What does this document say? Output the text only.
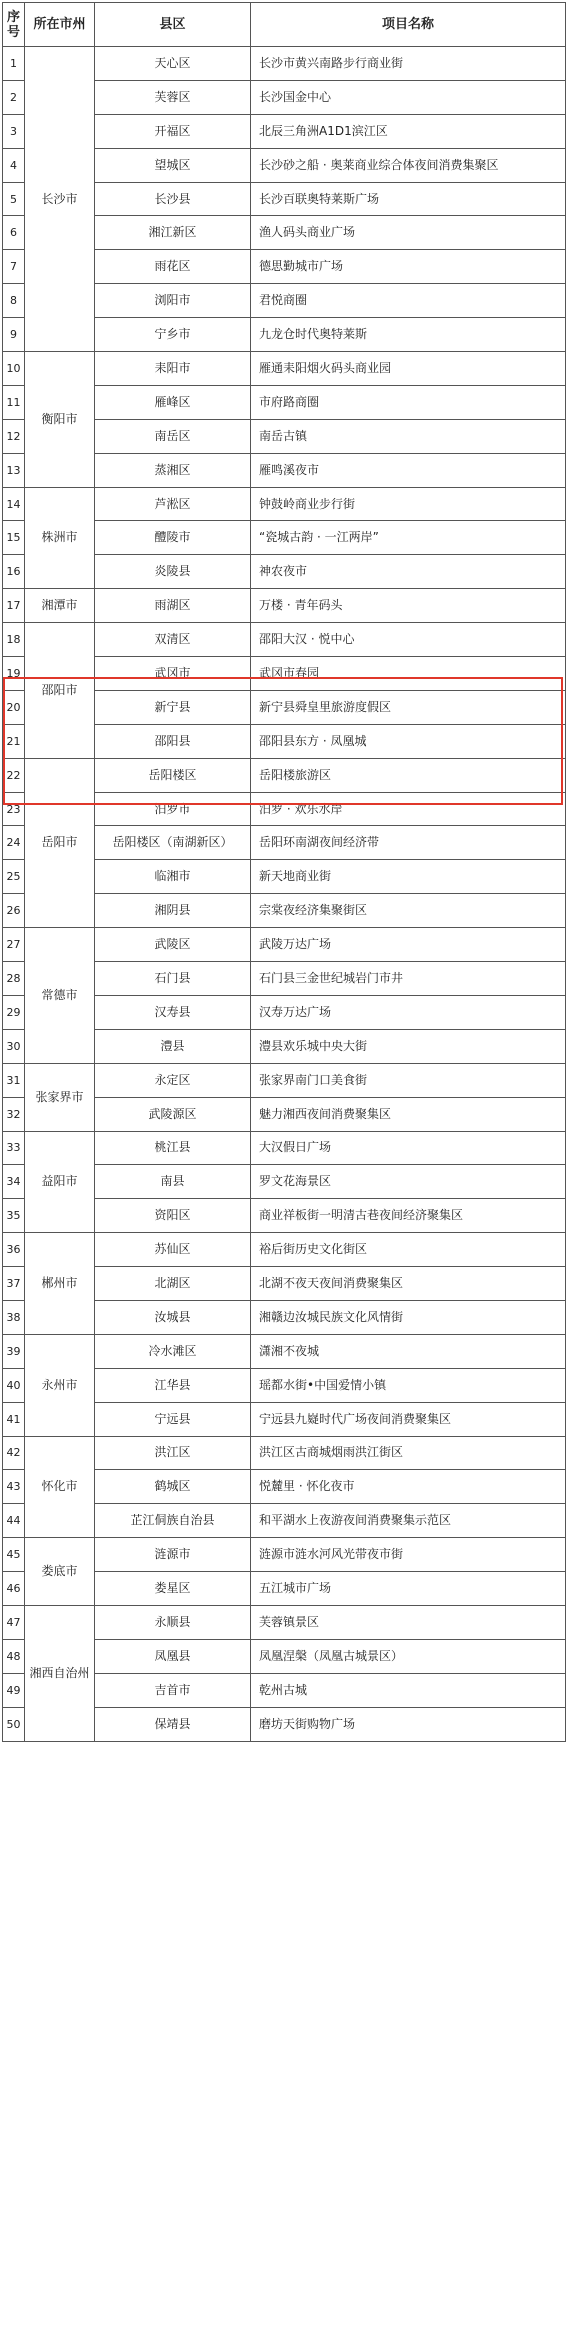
序号	所在市州	县区	项目名称
1	长沙市	天心区	长沙市黄兴南路步行商业街
2		芙蓉区	长沙国金中心
3		开福区	北辰三角洲A1D1滨江区
4		望城区	长沙砂之船 · 奥莱商业综合体夜间消费集聚区
5		长沙县	长沙百联奥特莱斯广场
6		湘江新区	渔人码头商业广场
7		雨花区	德思勤城市广场
8		浏阳市	君悦商圈
9		宁乡市	九龙仓时代奥特莱斯
10	衡阳市	耒阳市	雁通耒阳烟火码头商业园
11		雁峰区	市府路商圈
12		南岳区	南岳古镇
13		蒸湘区	雁鸣溪夜市
14	株洲市	芦淞区	钟鼓岭商业步行街
15		醴陵市	“瓷城古韵 · 一江两岸”
16		炎陵县	神农夜市
17	湘潭市	雨湖区	万楼 · 青年码头
18	邵阳市	双清区	邵阳大汉 · 悦中心
19		武冈市	武冈市春园
20		新宁县	新宁县舜皇里旅游度假区
21		邵阳县	邵阳县东方 · 凤凰城
22	岳阳市	岳阳楼区	岳阳楼旅游区
23		汨罗市	汨罗 · 欢乐水岸
24		岳阳楼区（南湖新区）	岳阳环南湖夜间经济带
25		临湘市	新天地商业街
26		湘阴县	宗棠夜经济集聚街区
27	常德市	武陵区	武陵万达广场
28		石门县	石门县三金世纪城岩门市井
29		汉寿县	汉寿万达广场
30		澧县	澧县欢乐城中央大街
31	张家界市	永定区	张家界南门口美食街
32		武陵源区	魅力湘西夜间消费聚集区
33	益阳市	桃江县	大汉假日广场
34		南县	罗文花海景区
35		资阳区	商业祥板街一明清古巷夜间经济聚集区
36	郴州市	苏仙区	裕后街历史文化街区
37		北湖区	北湖不夜天夜间消费聚集区
38		汝城县	湘赣边汝城民族文化风情街
39	永州市	冷水滩区	潇湘不夜城
40		江华县	瑶都水街•中国爱情小镇
41		宁远县	宁远县九嶷时代广场夜间消费聚集区
42	怀化市	洪江区	洪江区古商城烟雨洪江街区
43		鹤城区	悦麓里 · 怀化夜市
44		芷江侗族自治县	和平湖水上夜游夜间消费聚集示范区
45	娄底市	涟源市	涟源市涟水河风光带夜市街
46		娄星区	五江城市广场
47	湘西自治州	永顺县	芙蓉镇景区
48		凤凰县	凤凰涅槃（凤凰古城景区）
49		吉首市	乾州古城
50		保靖县	磨坊天街购物广场
